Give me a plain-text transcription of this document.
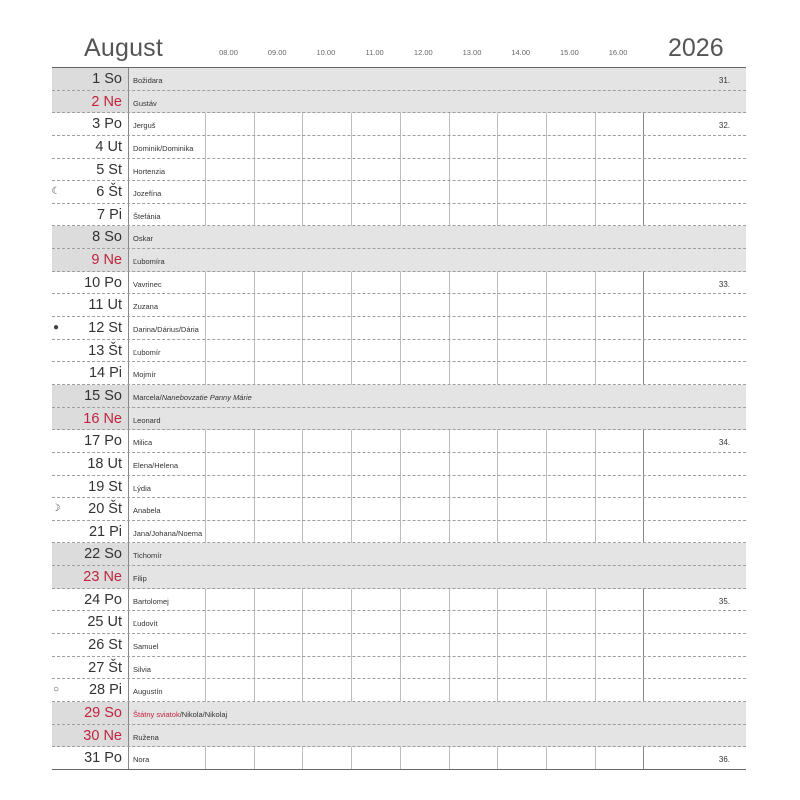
August	2026
08.00	09.00	10.00	11.00	12.00	13.00	14.00	15.00	16.00
1 So Božidara	31.
2 Ne Gustáv
3 Po Jerguš	32.
4 Ut Dominik/Dominika
5 St Hortenzia
☾ 6 Št Jozefína
7 Pi Štefánia
8 So Oskar
9 Ne Ľubomíra
10 Po Vavrinec	33.
11 Ut Zuzana
● 12 St Darina/Dárius/Dária
13 Št Ľubomír
14 Pi Mojmír
15 So Marcela/Nanebovzatie Panny Márie
16 Ne Leonard
17 Po Milica	34.
18 Ut Elena/Helena
19 St Lýdia
☽ 20 Št Anabela
21 Pi Jana/Johana/Noema
22 So Tichomír
23 Ne Filip
24 Po Bartolomej	35.
25 Ut Ľudovít
26 St Samuel
27 Št Silvia
○ 28 Pi Augustín
29 So Štátny sviatok/Nikola/Nikolaj
30 Ne Ružena
31 Po Nora	36.
